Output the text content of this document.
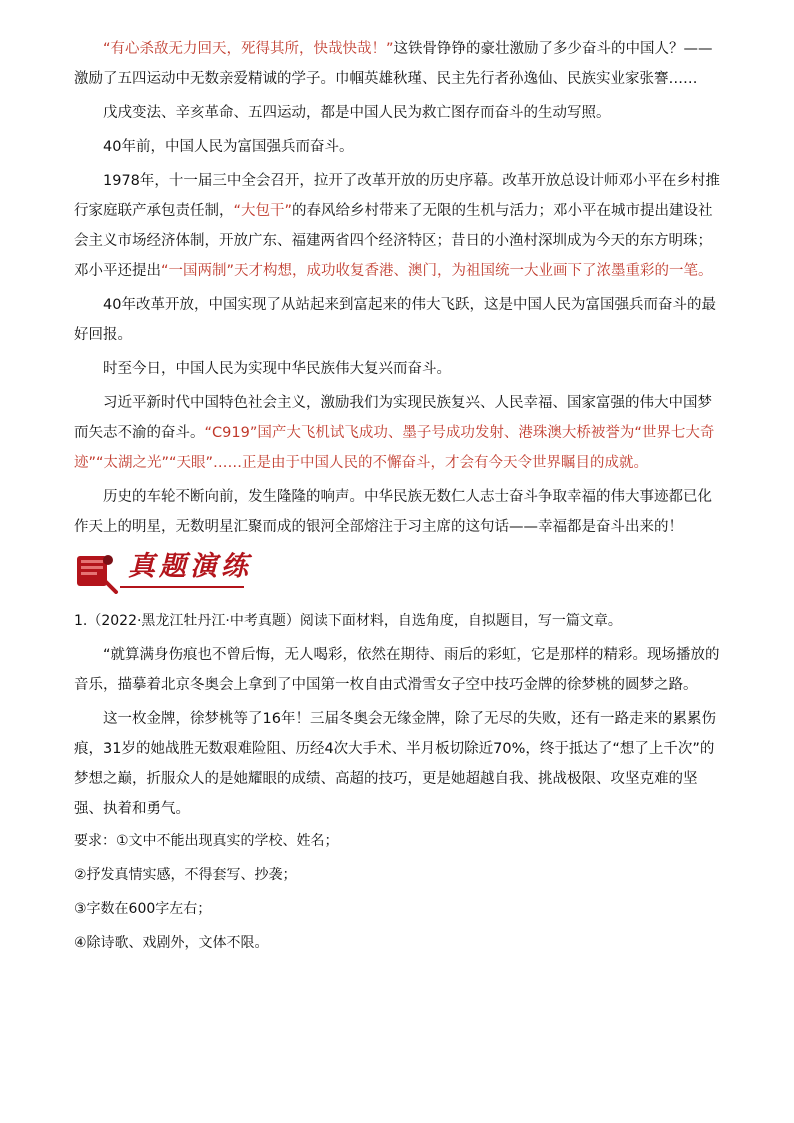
“有心杀敌无力回天，死得其所，快哉快哉！”这铁骨铮铮的豪壮激励了多少奋斗的中国人？——激励了五四运动中无数亲爱精诚的学子。巾帼英雄秋瑾、民主先行者孙逸仙、民族实业家张謇……

戊戌变法、辛亥革命、五四运动，都是中国人民为救亡图存而奋斗的生动写照。

40年前，中国人民为富国强兵而奋斗。

1978年，十一届三中全会召开，拉开了改革开放的历史序幕。改革开放总设计师邓小平在乡村推行家庭联产承包责任制，“大包干”的春风给乡村带来了无限的生机与活力；邓小平在城市提出建设社会主义市场经济体制，开放广东、福建两省四个经济特区；昔日的小渔村深圳成为今天的东方明珠；邓小平还提出“一国两制”天才构想，成功收复香港、澳门，为祖国统一大业画下了浓墨重彩的一笔。

40年改革开放，中国实现了从站起来到富起来的伟大飞跃，这是中国人民为富国强兵而奋斗的最好回报。

时至今日，中国人民为实现中华民族伟大复兴而奋斗。

习近平新时代中国特色社会主义，激励我们为实现民族复兴、人民幸福、国家富强的伟大中国梦而矢志不渝的奋斗。“C919”国产大飞机试飞成功、墨子号成功发射、港珠澳大桥被誉为“世界七大奇迹”“太湖之光”“天眼”……正是由于中国人民的不懈奋斗，才会有今天令世界瞩目的成就。

历史的车轮不断向前，发生隆隆的响声。中华民族无数仁人志士奋斗争取幸福的伟大事迹都已化作天上的明星，无数明星汇聚而成的银河全部熔注于习主席的这句话——幸福都是奋斗出来的！

真题演练

1.（2022·黑龙江牡丹江·中考真题）阅读下面材料，自选角度，自拟题目，写一篇文章。

“就算满身伤痕也不曾后悔，无人喝彩，依然在期待、雨后的彩虹，它是那样的精彩。现场播放的音乐，描摹着北京冬奥会上拿到了中国第一枚自由式滑雪女子空中技巧金牌的徐梦桃的圆梦之路。

这一枚金牌，徐梦桃等了16年！三届冬奥会无缘金牌，除了无尽的失败，还有一路走来的累累伤痕，31岁的她战胜无数艰难险阻、历经4次大手术、半月板切除近70%，终于抵达了“想了上千次”的梦想之巅，折服众人的是她耀眼的成绩、高超的技巧，更是她超越自我、挑战极限、攻坚克难的坚强、执着和勇气。

要求：①文中不能出现真实的学校、姓名；

②抒发真情实感，不得套写、抄袭；

③字数在600字左右；

④除诗歌、戏剧外，文体不限。
